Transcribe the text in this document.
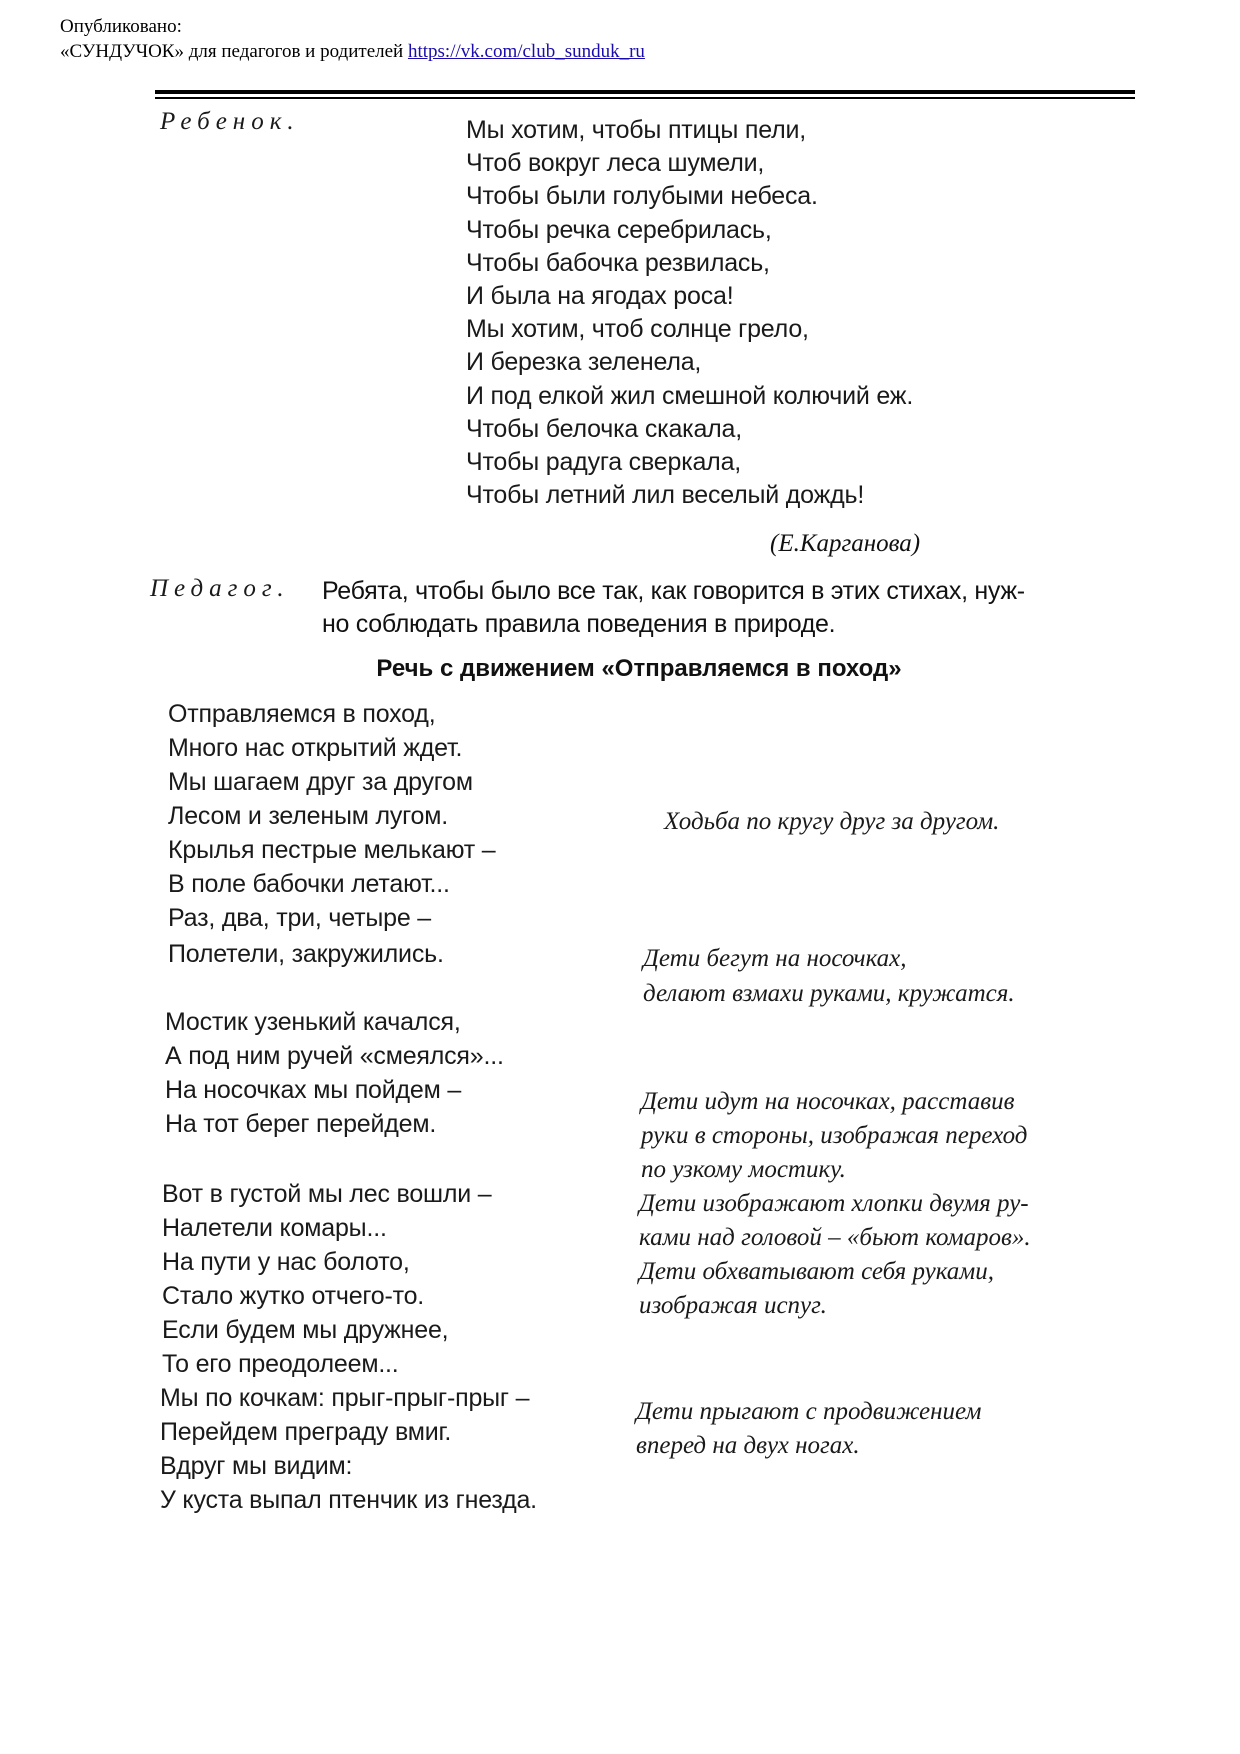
Опубликовано:
«СУНДУЧОК» для педагогов и родителей https://vk.com/club_sunduk_ru
Ребенок.	Мы хотим, чтобы птицы пели,
Чтоб вокруг леса шумели,
Чтобы были голубыми небеса.
Чтобы речка серебрилась,
Чтобы бабочка резвилась,
И была на ягодах роса!
Мы хотим, чтоб солнце грело,
И березка зеленела,
И под елкой жил смешной колючий еж.
Чтобы белочка скакала,
Чтобы радуга сверкала,
Чтобы летний лил веселый дождь!
(Е.Карганова)
Педагог. Ребята, чтобы было все так, как говорится в этих стихах, нуж-
но соблюдать правила поведения в природе.
Речь с движением «Отправляемся в поход»
Отправляемся в поход,
Много нас открытий ждет.
Мы шагаем друг за другом
Лесом и зеленым лугом.
Крылья пестрые мелькают –
В поле бабочки летают...
Раз, два, три, четыре –
Полетели, закружились.
Мостик узенький качался,
А под ним ручей «смеялся»...
На носочках мы пойдем –
На тот берег перейдем.
Вот в густой мы лес вошли –
Налетели комары...
На пути у нас болото,
Стало жутко отчего-то.
Если будем мы дружнее,
То его преодолеем...
Мы по кочкам: прыг-прыг-прыг –
Перейдем преграду вмиг.
Вдруг мы видим:
У куста выпал птенчик из гнезда.
Ходьба по кругу друг за другом.
Дети бегут на носочках,
делают взмахи руками, кружатся.
Дети идут на носочках, расставив
руки в стороны, изображая переход
по узкому мостику.
Дети изображают хлопки двумя ру-
ками над головой – «бьют комаров».
Дети обхватывают себя руками,
изображая испуг.
Дети прыгают с продвижением
вперед на двух ногах.
